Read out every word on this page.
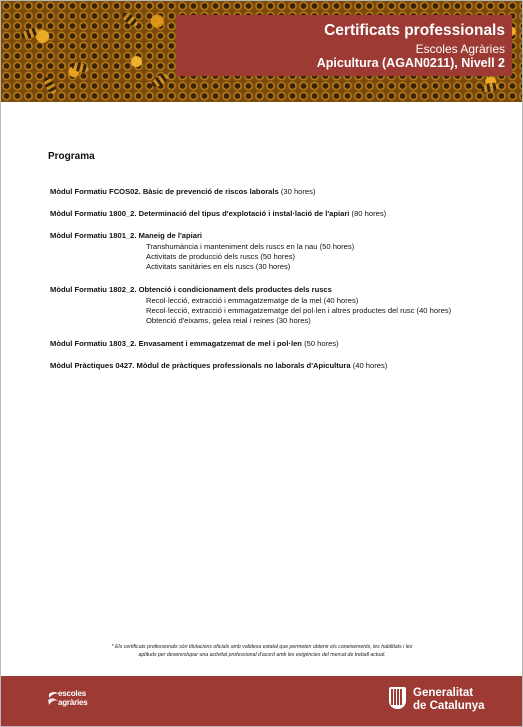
Certificats professionals
Escoles Agràries
Apicultura (AGAN0211), Nivell 2
Programa
Mòdul Formatiu FCOS02. Bàsic de prevenció de riscos laborals (30 hores)
Mòdul Formatiu 1800_2. Determinació del tipus d'explotació i instal·lació de l'apiari (80 hores)
Mòdul Formatiu 1801_2. Maneig de l'apiari
Transhumància i manteniment dels ruscs en la nau (50 hores)
Activitats de producció dels ruscs (50 hores)
Activitats sanitàries en els ruscs (30 hores)
Mòdul Formatiu 1802_2. Obtenció i condicionament dels productes dels ruscs
Recol·lecció, extracció i emmagatzematge de la mel (40 hores)
Recol·lecció, extracció i emmagatzematge del pol·len i altres productes del rusc (40 hores)
Obtenció d'eixams, gelea reial i reines (30 hores)
Mòdul Formatiu 1803_2. Envasament i emmagatzemat de mel i pol·len (50 hores)
Mòdul Pràctiques 0427. Mòdul de pràctiques professionals no laborals d'Apicultura (40 hores)
* Els certificats professionals són titulacions oficials amb validesa estatal que permeten obtenir els coneixements, les habilitats i les
aptituds per desenvolupar una activitat professional d'acord amb les exigències del mercat de treball actual.
escoles
agràries
Generalitat
de Catalunya
